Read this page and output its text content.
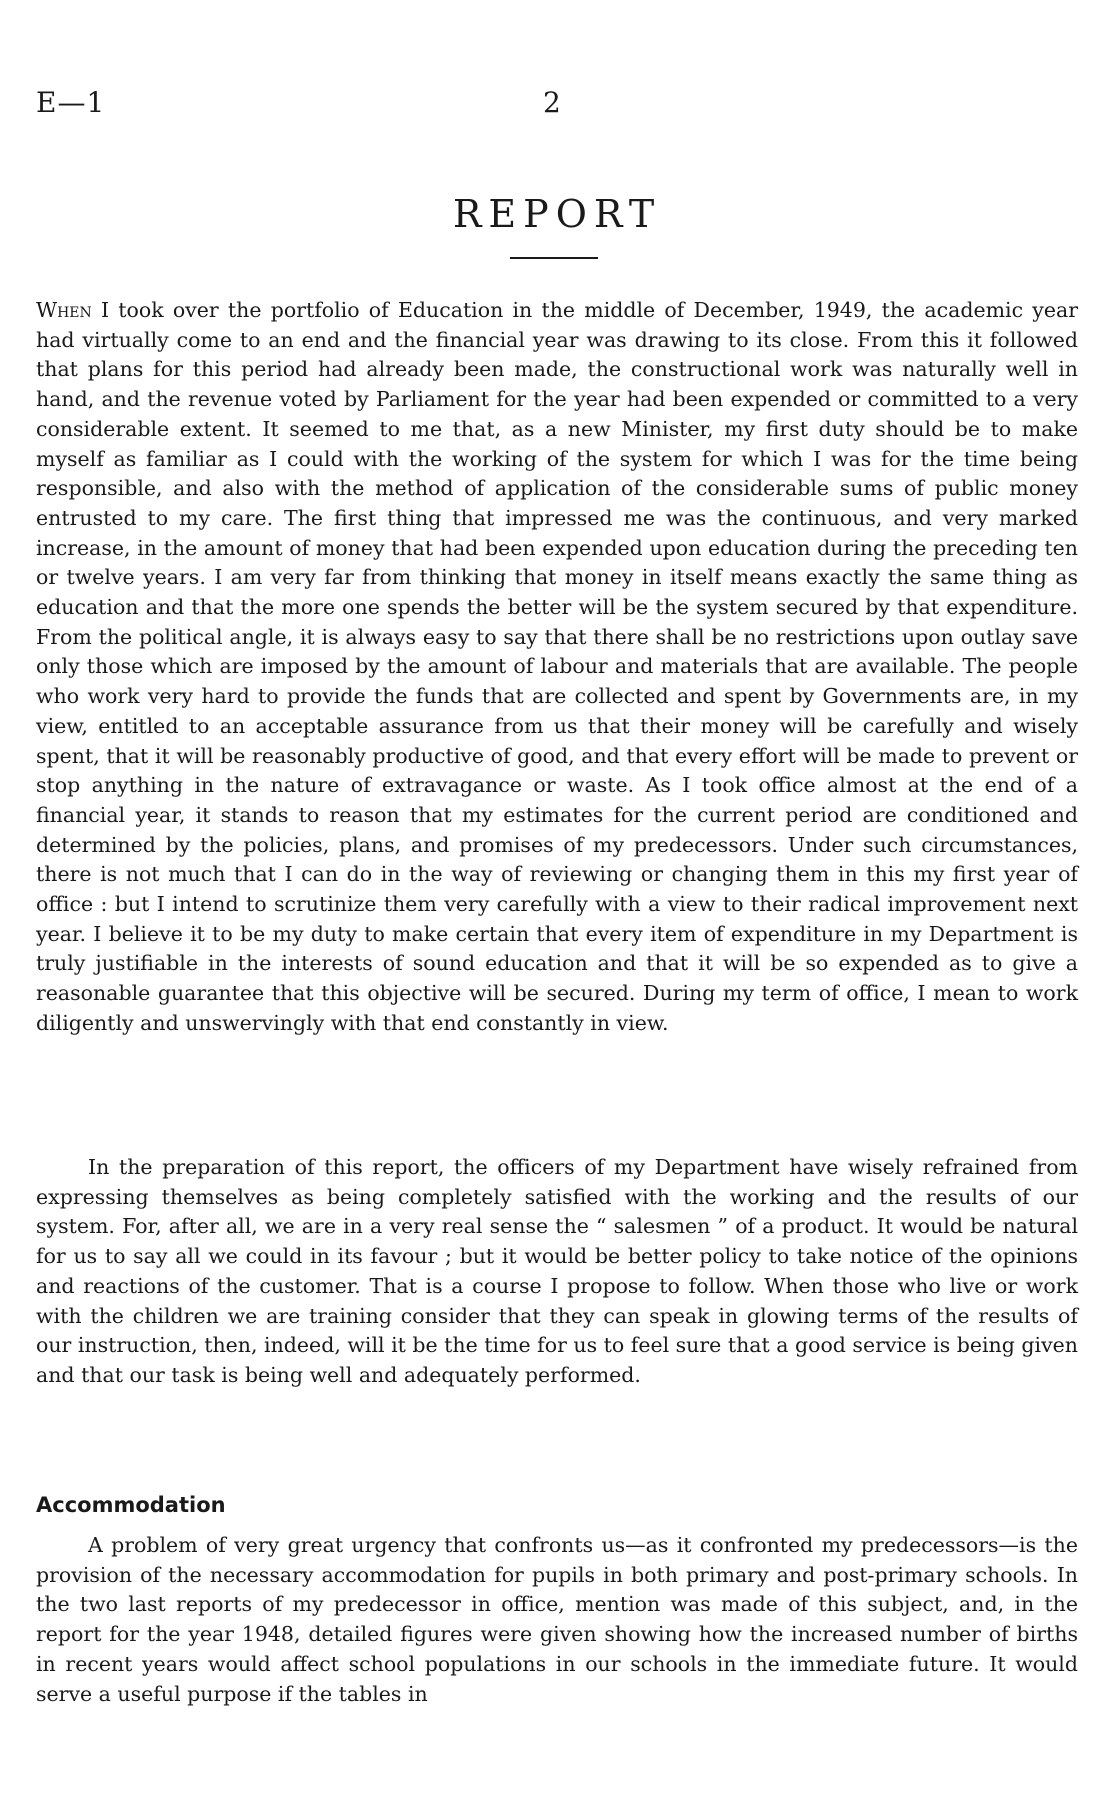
E—1	2
REPORT

When I took over the portfolio of Education in the middle of December, 1949, the academic year had virtually come to an end and the financial year was drawing to its close. From this it followed that plans for this period had already been made, the constructional work was naturally well in hand, and the revenue voted by Parliament for the year had been expended or committed to a very considerable extent. It seemed to me that, as a new Minister, my first duty should be to make myself as familiar as I could with the working of the system for which I was for the time being responsible, and also with the method of application of the considerable sums of public money entrusted to my care. The first thing that impressed me was the continuous, and very marked increase, in the amount of money that had been expended upon education during the preceding ten or twelve years. I am very far from thinking that money in itself means exactly the same thing as education and that the more one spends the better will be the system secured by that expenditure. From the political angle, it is always easy to say that there shall be no restrictions upon outlay save only those which are imposed by the amount of labour and materials that are available. The people who work very hard to provide the funds that are collected and spent by Governments are, in my view, entitled to an acceptable assurance from us that their money will be carefully and wisely spent, that it will be reasonably productive of good, and that every effort will be made to prevent or stop anything in the nature of extravagance or waste. As I took office almost at the end of a financial year, it stands to reason that my estimates for the current period are conditioned and determined by the policies, plans, and promises of my predecessors. Under such circumstances, there is not much that I can do in the way of reviewing or changing them in this my first year of office : but I intend to scrutinize them very carefully with a view to their radical improvement next year. I believe it to be my duty to make certain that every item of expenditure in my Department is truly justifiable in the interests of sound education and that it will be so expended as to give a reasonable guarantee that this objective will be secured. During my term of office, I mean to work diligently and unswervingly with that end constantly in view.

In the preparation of this report, the officers of my Department have wisely refrained from expressing themselves as being completely satisfied with the working and the results of our system. For, after all, we are in a very real sense the “ salesmen ” of a product. It would be natural for us to say all we could in its favour ; but it would be better policy to take notice of the opinions and reactions of the customer. That is a course I propose to follow. When those who live or work with the children we are training consider that they can speak in glowing terms of the results of our instruction, then, indeed, will it be the time for us to feel sure that a good service is being given and that our task is being well and adequately performed.

Accommodation

A problem of very great urgency that confronts us—as it confronted my predecessors—is the provision of the necessary accommodation for pupils in both primary and post-primary schools. In the two last reports of my predecessor in office, mention was made of this subject, and, in the report for the year 1948, detailed figures were given showing how the increased number of births in recent years would affect school populations in our schools in the immediate future. It would serve a useful purpose if the tables in
